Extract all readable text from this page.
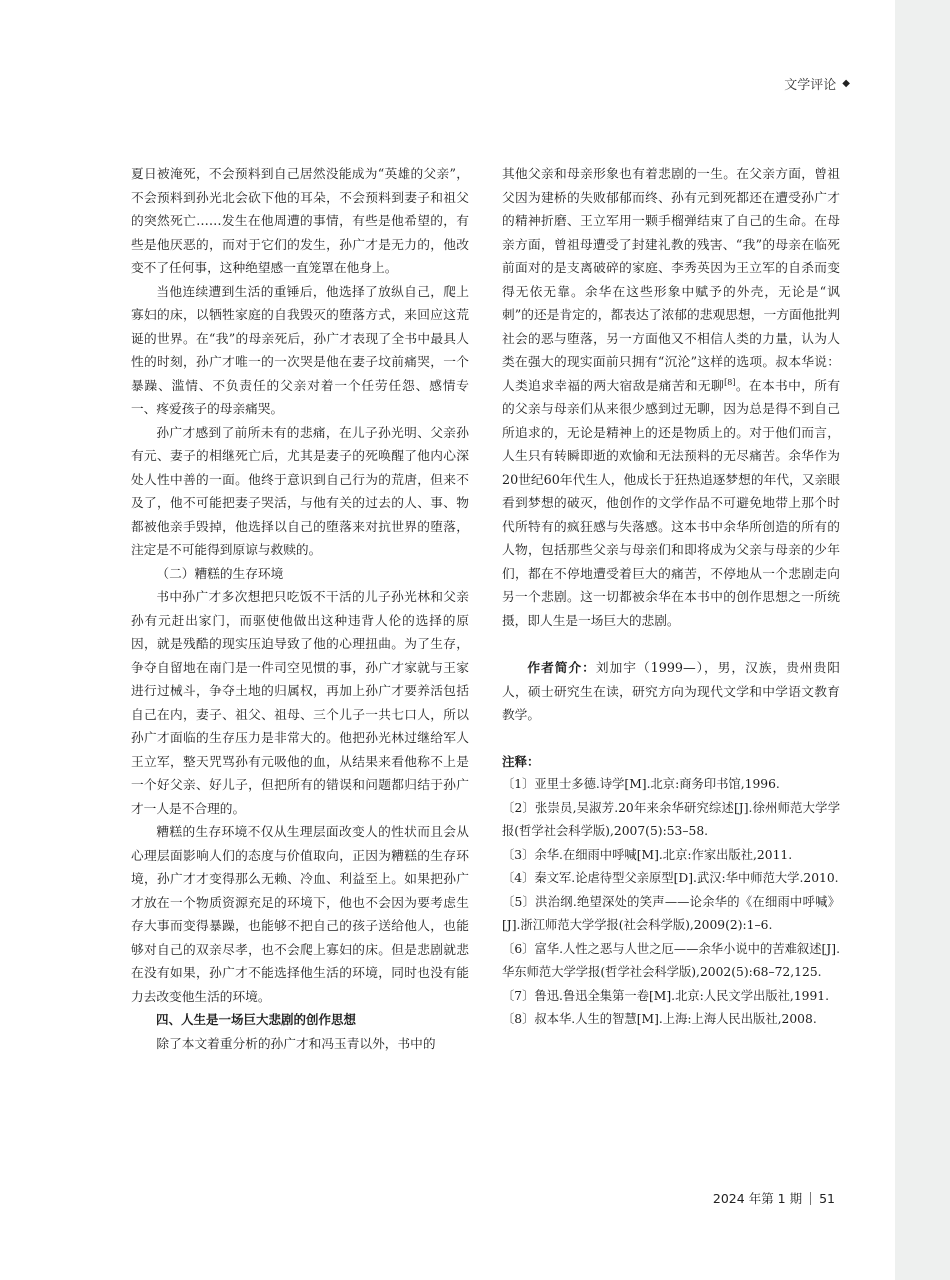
文学评论 ◆

夏日被淹死，不会预料到自己居然没能成为“英雄的父亲”，不会预料到孙光北会砍下他的耳朵，不会预料到妻子和祖父的突然死亡……发生在他周遭的事情，有些是他希望的，有些是他厌恶的，而对于它们的发生，孙广才是无力的，他改变不了任何事，这种绝望感一直笼罩在他身上。

当他连续遭到生活的重锤后，他选择了放纵自己，爬上寡妇的床，以牺牲家庭的自我毁灭的堕落方式，来回应这荒诞的世界。在“我”的母亲死后，孙广才表现了全书中最具人性的时刻，孙广才唯一的一次哭是他在妻子坟前痛哭，一个暴躁、滥情、不负责任的父亲对着一个任劳任怨、感情专一、疼爱孩子的母亲痛哭。

孙广才感到了前所未有的悲痛，在儿子孙光明、父亲孙有元、妻子的相继死亡后，尤其是妻子的死唤醒了他内心深处人性中善的一面。他终于意识到自己行为的荒唐，但来不及了，他不可能把妻子哭活，与他有关的过去的人、事、物都被他亲手毁掉，他选择以自己的堕落来对抗世界的堕落，注定是不可能得到原谅与救赎的。

（二）糟糕的生存环境

书中孙广才多次想把只吃饭不干活的儿子孙光林和父亲孙有元赶出家门，而驱使他做出这种违背人伦的选择的原因，就是残酷的现实压迫导致了他的心理扭曲。为了生存，争夺自留地在南门是一件司空见惯的事，孙广才家就与王家进行过械斗，争夺土地的归属权，再加上孙广才要养活包括自己在内，妻子、祖父、祖母、三个儿子一共七口人，所以孙广才面临的生存压力是非常大的。他把孙光林过继给军人王立军，整天咒骂孙有元吸他的血，从结果来看他称不上是一个好父亲、好儿子，但把所有的错误和问题都归结于孙广才一人是不合理的。

糟糕的生存环境不仅从生理层面改变人的性状而且会从心理层面影响人们的态度与价值取向，正因为糟糕的生存环境，孙广才才变得那么无赖、冷血、利益至上。如果把孙广才放在一个物质资源充足的环境下，他也不会因为要考虑生存大事而变得暴躁，也能够不把自己的孩子送给他人，也能够对自己的双亲尽孝，也不会爬上寡妇的床。但是悲剧就悲在没有如果，孙广才不能选择他生活的环境，同时也没有能力去改变他生活的环境。

四、人生是一场巨大悲剧的创作思想

除了本文着重分析的孙广才和冯玉青以外，书中的

其他父亲和母亲形象也有着悲剧的一生。在父亲方面，曾祖父因为建桥的失败郁郁而终、孙有元到死都还在遭受孙广才的精神折磨、王立军用一颗手榴弹结束了自己的生命。在母亲方面，曾祖母遭受了封建礼教的残害、“我”的母亲在临死前面对的是支离破碎的家庭、李秀英因为王立军的自杀而变得无依无靠。余华在这些形象中赋予的外壳，无论是“讽刺”的还是肯定的，都表达了浓郁的悲观思想，一方面他批判社会的恶与堕落，另一方面他又不相信人类的力量，认为人类在强大的现实面前只拥有“沉沦”这样的选项。叔本华说：人类追求幸福的两大宿敌是痛苦和无聊[8]。在本书中，所有的父亲与母亲们从来很少感到过无聊，因为总是得不到自己所追求的，无论是精神上的还是物质上的。对于他们而言，人生只有转瞬即逝的欢愉和无法预料的无尽痛苦。余华作为20世纪60年代生人，他成长于狂热追逐梦想的年代，又亲眼看到梦想的破灭，他创作的文学作品不可避免地带上那个时代所特有的疯狂感与失落感。这本书中余华所创造的所有的人物，包括那些父亲与母亲们和即将成为父亲与母亲的少年们，都在不停地遭受着巨大的痛苦，不停地从一个悲剧走向另一个悲剧。这一切都被余华在本书中的创作思想之一所统摄，即人生是一场巨大的悲剧。

作者简介：刘加宇（1999—），男，汉族，贵州贵阳人，硕士研究生在读，研究方向为现代文学和中学语文教育教学。

注释：

〔1〕亚里士多德.诗学[M].北京:商务印书馆,1996.

〔2〕张崇员,吴淑芳.20年来余华研究综述[J].徐州师范大学学报(哲学社会科学版),2007(5):53–58.

〔3〕余华.在细雨中呼喊[M].北京:作家出版社,2011.

〔4〕秦文军.论虐待型父亲原型[D].武汉:华中师范大学.2010.

〔5〕洪治纲.绝望深处的笑声——论余华的《在细雨中呼喊》[J].浙江师范大学学报(社会科学版),2009(2):1–6.

〔6〕富华.人性之恶与人世之厄——余华小说中的苦难叙述[J].华东师范大学学报(哲学社会科学版),2002(5):68–72,125.

〔7〕鲁迅.鲁迅全集第一卷[M].北京:人民文学出版社,1991.

〔8〕叔本华.人生的智慧[M].上海:上海人民出版社,2008.

2024 年第 1 期 51
